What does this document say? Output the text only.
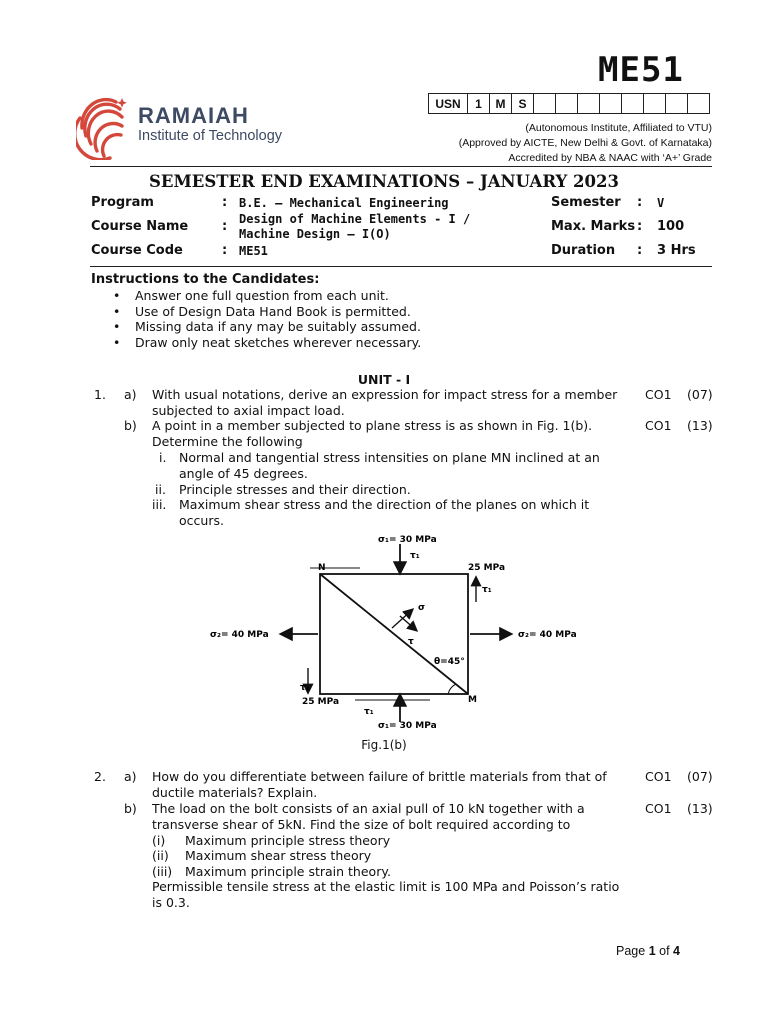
ME51
RAMAIAH
Institute of Technology
USN	1	M	S								
(Autonomous Institute, Affiliated to VTU)
(Approved by AICTE, New Delhi & Govt. of Karnataka)
Accredited by NBA & NAAC with ‘A+’ Grade
SEMESTER END EXAMINATIONS – JANUARY 2023
Program	: B.E. – Mechanical Engineering
Course Name	: Design of Machine Elements - I /
Machine Design – I(O)
Course Code	: ME51
Semester : V
Max. Marks : 100
Duration : 3 Hrs
Instructions to the Candidates:
• Answer one full question from each unit.
• Use of Design Data Hand Book is permitted.
• Missing data if any may be suitably assumed.
• Draw only neat sketches wherever necessary.
UNIT - I
1. a) With usual notations, derive an expression for impact stress for a member
subjected to axial impact load.
CO1 (07)
b) A point in a member subjected to plane stress is as shown in Fig. 1(b).
Determine the following
CO1 (13)
i. Normal and tangential stress intensities on plane MN inclined at an
angle of 45 degrees.
ii. Principle stresses and their direction.
iii. Maximum shear stress and the direction of the planes on which it
occurs.
σ₁= 30 MPa
τ₁
25 MPa
τ₁
N
σ₂= 40 MPa	σ₂= 40 MPa
σ
τ
θ=45°
M
τ₁
25 MPa
τ₁
σ₁= 30 MPa
Fig.1(b)
2. a) How do you differentiate between failure of brittle materials from that of
ductile materials? Explain.
CO1 (07)
b) The load on the bolt consists of an axial pull of 10 kN together with a
transverse shear of 5kN. Find the size of bolt required according to
CO1 (13)
(i) Maximum principle stress theory
(ii) Maximum shear stress theory
(iii) Maximum principle strain theory.
Permissible tensile stress at the elastic limit is 100 MPa and Poisson’s ratio
is 0.3.
Page 1 of 4
